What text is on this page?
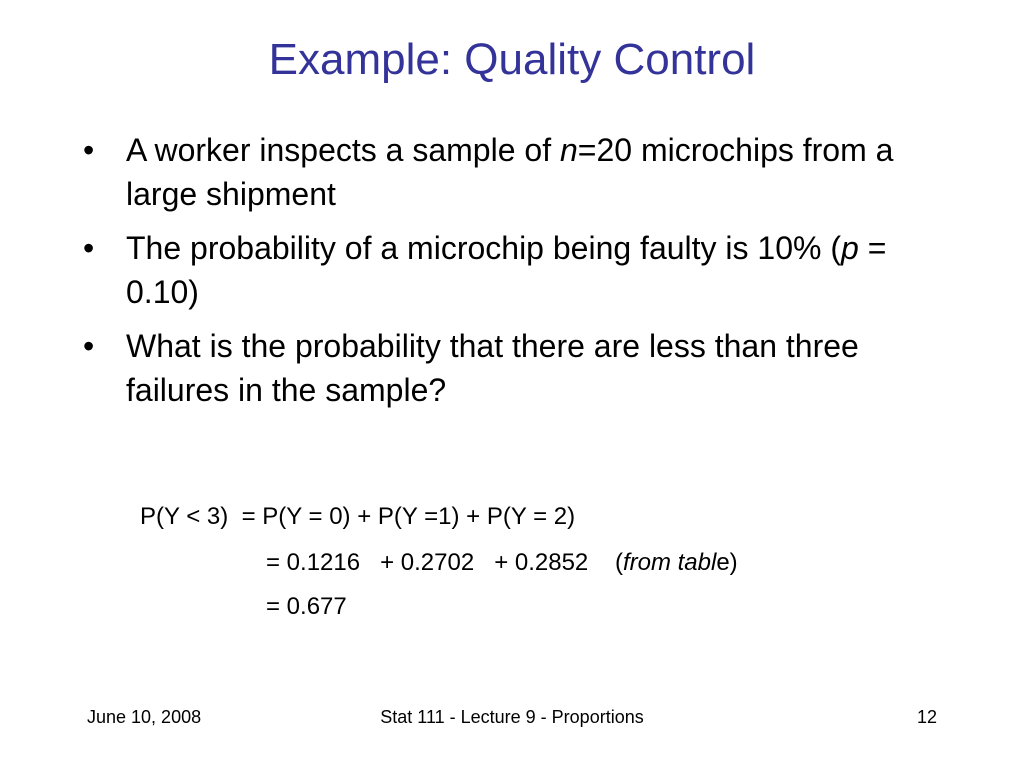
Example: Quality Control
• A worker inspects a sample of n=20 microchips from a large shipment
• The probability of a microchip being faulty is 10% (p = 0.10)
• What is the probability that there are less than three failures in the sample?
P(Y < 3)  = P(Y = 0) + P(Y =1) + P(Y = 2)
= 0.1216   + 0.2702   + 0.2852    (from table)
= 0.677
Stat 111 - Lecture 9 - Proportions
June 10, 2008	12
